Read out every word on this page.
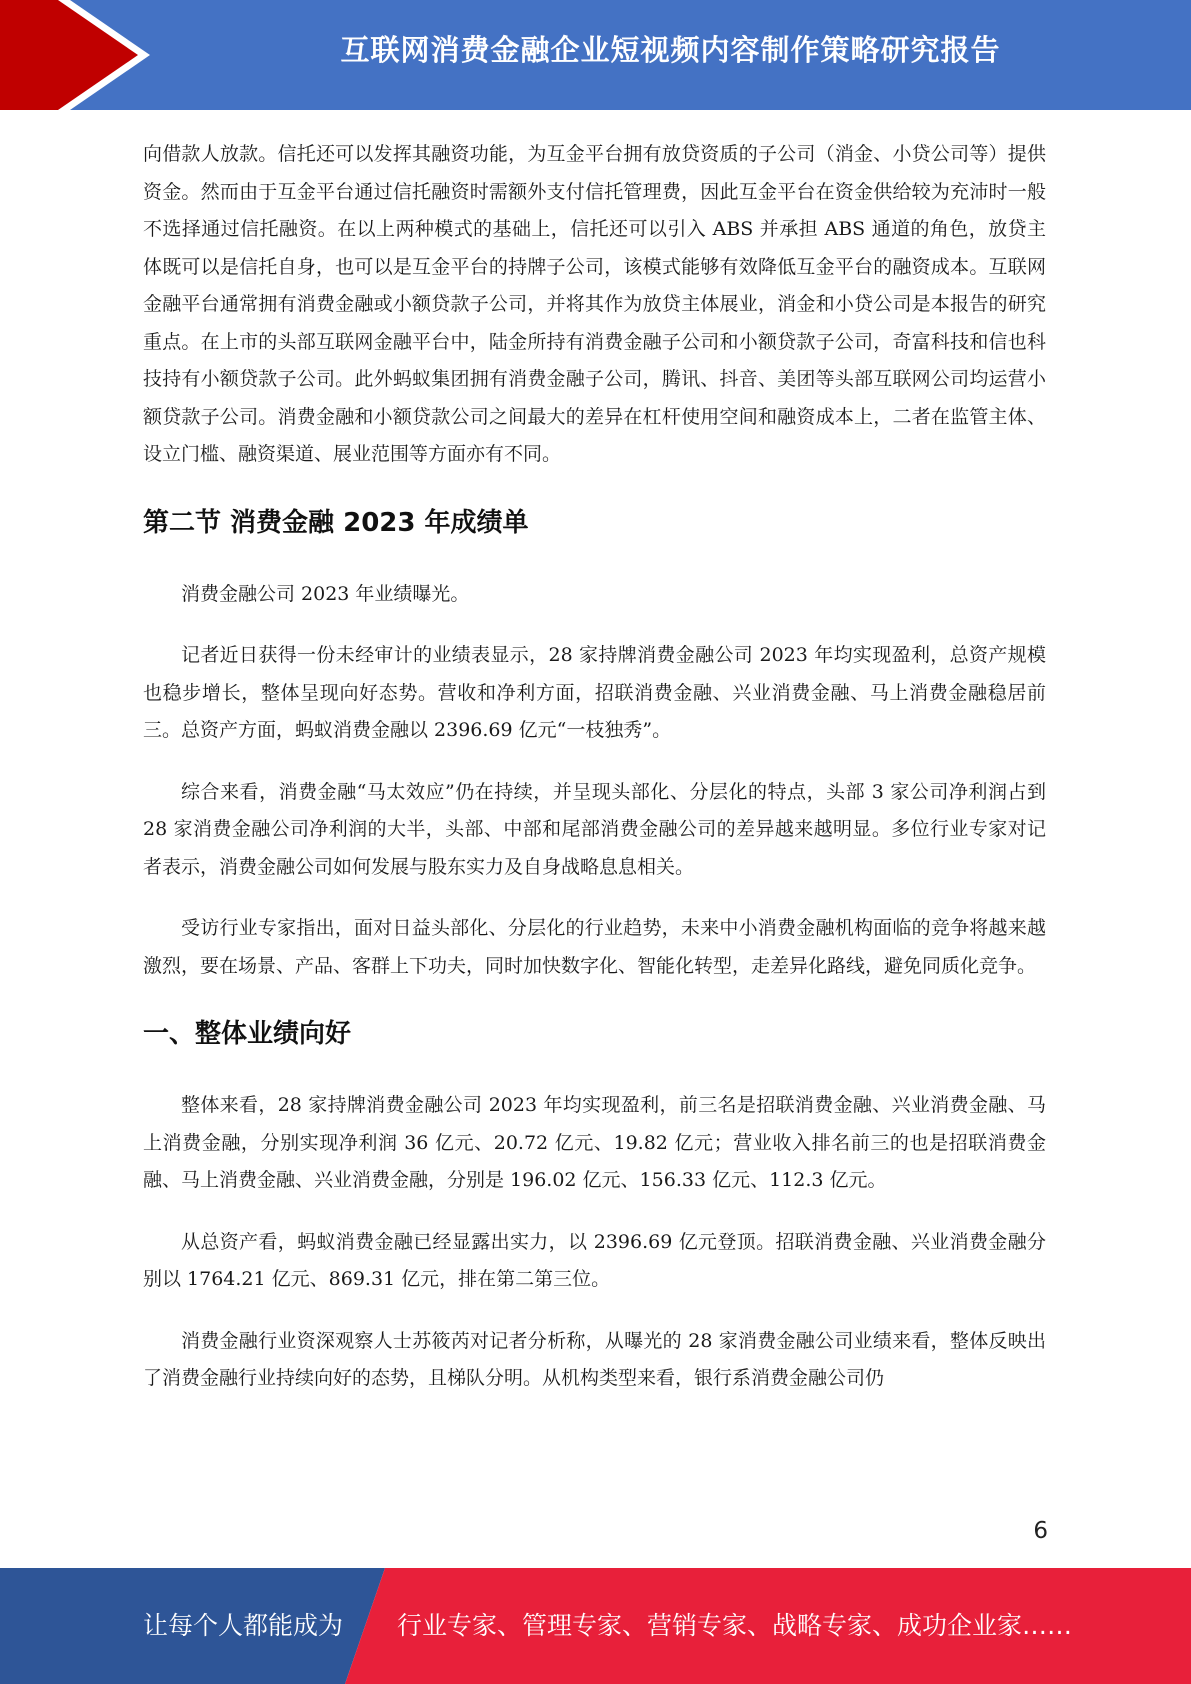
互联网消费金融企业短视频内容制作策略研究报告

向借款人放款。信托还可以发挥其融资功能，为互金平台拥有放贷资质的子公司（消金、小贷公司等）提供资金。然而由于互金平台通过信托融资时需额外支付信托管理费，因此互金平台在资金供给较为充沛时一般不选择通过信托融资。在以上两种模式的基础上，信托还可以引入 ABS 并承担 ABS 通道的角色，放贷主体既可以是信托自身，也可以是互金平台的持牌子公司，该模式能够有效降低互金平台的融资成本。互联网金融平台通常拥有消费金融或小额贷款子公司，并将其作为放贷主体展业，消金和小贷公司是本报告的研究重点。在上市的头部互联网金融平台中，陆金所持有消费金融子公司和小额贷款子公司，奇富科技和信也科技持有小额贷款子公司。此外蚂蚁集团拥有消费金融子公司，腾讯、抖音、美团等头部互联网公司均运营小额贷款子公司。消费金融和小额贷款公司之间最大的差异在杠杆使用空间和融资成本上，二者在监管主体、设立门槛、融资渠道、展业范围等方面亦有不同。

第二节 消费金融 2023 年成绩单

消费金融公司 2023 年业绩曝光。

记者近日获得一份未经审计的业绩表显示，28 家持牌消费金融公司 2023 年均实现盈利，总资产规模也稳步增长，整体呈现向好态势。营收和净利方面，招联消费金融、兴业消费金融、马上消费金融稳居前三。总资产方面，蚂蚁消费金融以 2396.69 亿元“一枝独秀”。

综合来看，消费金融“马太效应”仍在持续，并呈现头部化、分层化的特点，头部 3 家公司净利润占到 28 家消费金融公司净利润的大半，头部、中部和尾部消费金融公司的差异越来越明显。多位行业专家对记者表示，消费金融公司如何发展与股东实力及自身战略息息相关。

受访行业专家指出，面对日益头部化、分层化的行业趋势，未来中小消费金融机构面临的竞争将越来越激烈，要在场景、产品、客群上下功夫，同时加快数字化、智能化转型，走差异化路线，避免同质化竞争。

一、整体业绩向好

整体来看，28 家持牌消费金融公司 2023 年均实现盈利，前三名是招联消费金融、兴业消费金融、马上消费金融，分别实现净利润 36 亿元、20.72 亿元、19.82 亿元；营业收入排名前三的也是招联消费金融、马上消费金融、兴业消费金融，分别是 196.02 亿元、156.33 亿元、112.3 亿元。

从总资产看，蚂蚁消费金融已经显露出实力，以 2396.69 亿元登顶。招联消费金融、兴业消费金融分别以 1764.21 亿元、869.31 亿元，排在第二第三位。

消费金融行业资深观察人士苏筱芮对记者分析称，从曝光的 28 家消费金融公司业绩来看，整体反映出了消费金融行业持续向好的态势，且梯队分明。从机构类型来看，银行系消费金融公司仍

6
让每个人都能成为 行业专家、管理专家、营销专家、战略专家、成功企业家……
